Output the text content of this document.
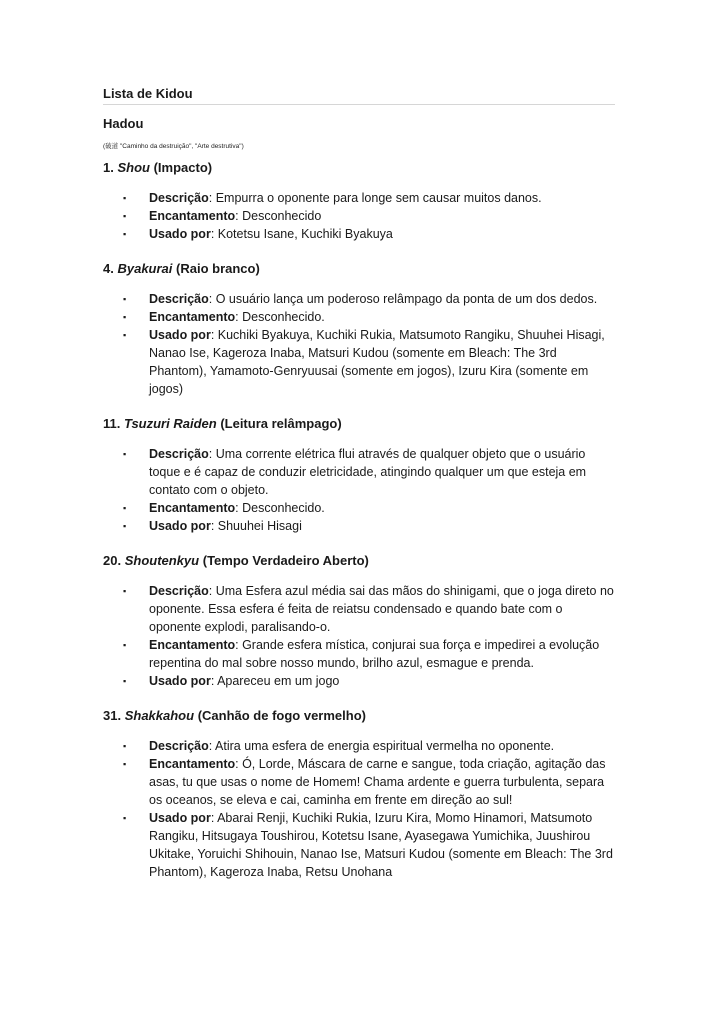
Lista de Kidou
Hadou

(破道 "Caminho da destruição", "Arte destrutiva")

1. Shou (Impacto)
▪ Descrição: Empurra o oponente para longe sem causar muitos danos.
▪ Encantamento: Desconhecido
▪ Usado por: Kotetsu Isane, Kuchiki Byakuya
4. Byakurai (Raio branco)
▪ Descrição: O usuário lança um poderoso relâmpago da ponta de um dos dedos.
▪ Encantamento: Desconhecido.
▪ Usado por: Kuchiki Byakuya, Kuchiki Rukia, Matsumoto Rangiku, Shuuhei Hisagi, Nanao Ise, Kageroza Inaba, Matsuri Kudou (somente em Bleach: The 3rd Phantom), Yamamoto-Genryuusai (somente em jogos), Izuru Kira (somente em jogos)
11. Tsuzuri Raiden (Leitura relâmpago)
▪ Descrição: Uma corrente elétrica flui através de qualquer objeto que o usuário toque e é capaz de conduzir eletricidade, atingindo qualquer um que esteja em contato com o objeto.
▪ Encantamento: Desconhecido.
▪ Usado por: Shuuhei Hisagi
20. Shoutenkyu (Tempo Verdadeiro Aberto)
▪ Descrição: Uma Esfera azul média sai das mãos do shinigami, que o joga direto no oponente. Essa esfera é feita de reiatsu condensado e quando bate com o oponente explodi, paralisando-o.
▪ Encantamento: Grande esfera mística, conjurai sua força e impedirei a evolução repentina do mal sobre nosso mundo, brilho azul, esmague e prenda.
▪ Usado por: Apareceu em um jogo
31. Shakkahou (Canhão de fogo vermelho)
▪ Descrição: Atira uma esfera de energia espiritual vermelha no oponente.
▪ Encantamento: Ó, Lorde, Máscara de carne e sangue, toda criação, agitação das asas, tu que usas o nome de Homem! Chama ardente e guerra turbulenta, separa os oceanos, se eleva e cai, caminha em frente em direção ao sul!
▪ Usado por: Abarai Renji, Kuchiki Rukia, Izuru Kira, Momo Hinamori, Matsumoto Rangiku, Hitsugaya Toushirou, Kotetsu Isane, Ayasegawa Yumichika, Juushirou Ukitake, Yoruichi Shihouin, Nanao Ise, Matsuri Kudou (somente em Bleach: The 3rd Phantom), Kageroza Inaba, Retsu Unohana
